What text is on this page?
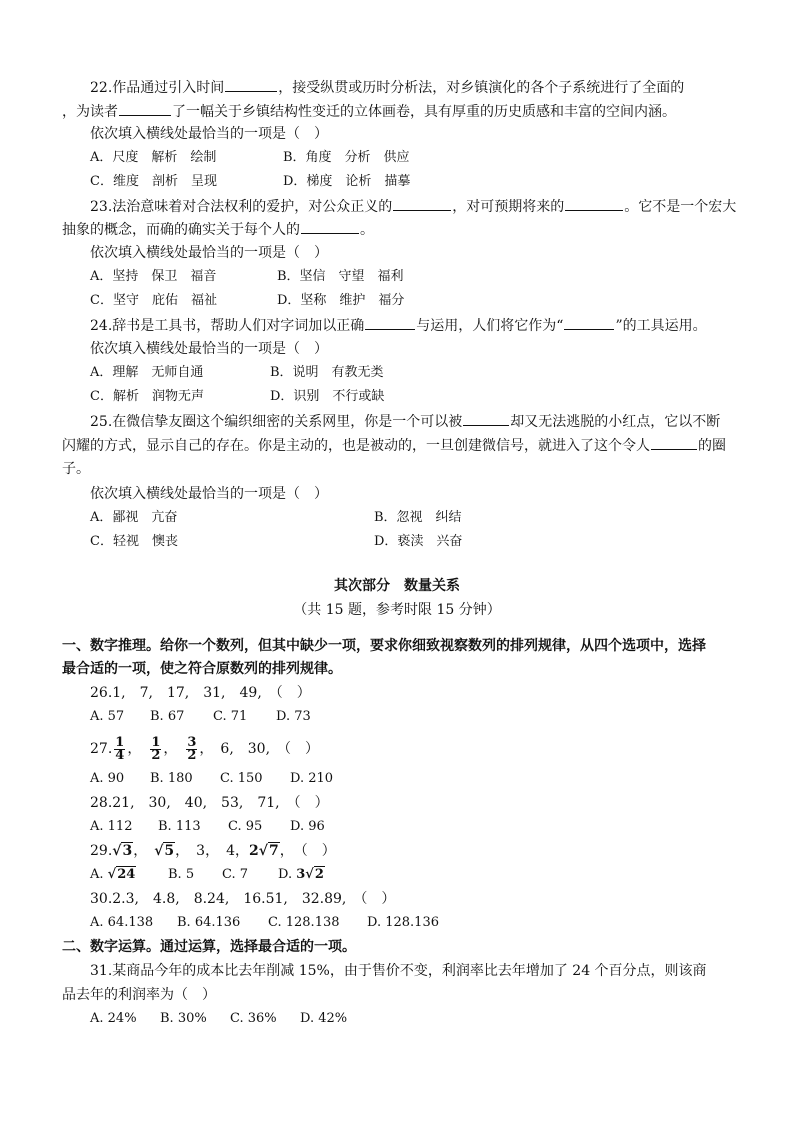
22.作品通过引入时间	，接受纵贯或历时分析法，对乡镇演化的各个子系统进行了全面的
，为读者	了一幅关于乡镇结构性变迁的立体画卷，具有厚重的历史质感和丰富的空间内涵。
依次填入横线处最恰当的一项是（　）
A．尺度　解析　绘制	B．角度　分析　供应
C．维度　剖析　呈现	D．梯度　论析　描摹
23.法治意味着对合法权利的爱护，对公众正义的	，对可预期将来的	。它不是一个宏大
抽象的概念，而确的确实关于每个人的	。
依次填入横线处最恰当的一项是（　）
A．坚持　保卫　福音	B．坚信　守望　福利
C．坚守　庇佑　福祉	D．坚称　维护　福分
24.辞书是工具书，帮助人们对字词加以正确	与运用，人们将它作为“	”的工具运用。
依次填入横线处最恰当的一项是（　）
A．理解　无师自通	B．说明　有教无类
C．解析　润物无声	D．识别　不行或缺
25.在微信挚友圈这个编织细密的关系网里，你是一个可以被	却又无法逃脱的小红点，它以不断
闪耀的方式，显示自己的存在。你是主动的，也是被动的，一旦创建微信号，就进入了这个令人	的圈
子。
依次填入横线处最恰当的一项是（　）
A．鄙视　亢奋	B．忽视　纠结
C．轻视　懊丧	D．亵渎　兴奋
其次部分　数量关系
（共 15 题，参考时限 15 分钟）
一、数字推理。给你一个数列，但其中缺少一项，要求你细致视察数列的排列规律，从四个选项中，选择
最合适的一项，使之符合原数列的排列规律。
26.1,　7,　17,　31,　49,　（　）
A. 57 B. 67 C. 71 D. 73
27. $\frac{1}{4}$ ，　 $\frac{1}{2}$ ，　 $\frac{3}{2}$ ，　6,　30,　（　）
A. 90 B. 180 C. 150 D. 210
28.21,　30,　40,　53,　71,　（　）
A. 112 B. 113 C. 95 D. 96
29.√3，　√5，　3，　4，2√7，　（　）
A. √24	B. 5 C. 7 D. 3√2
30.2.3,　4.8,　8.24,　16.51,　32.89,　（　）
A. 64.138 B. 64.136 C. 128.138 D. 128.136
二、数字运算。通过运算，选择最合适的一项。
31.某商品今年的成本比去年削减 15%，由于售价不变，利润率比去年增加了 24 个百分点，则该商
品去年的利润率为（　）
A. 24% B. 30% C. 36% D. 42%
